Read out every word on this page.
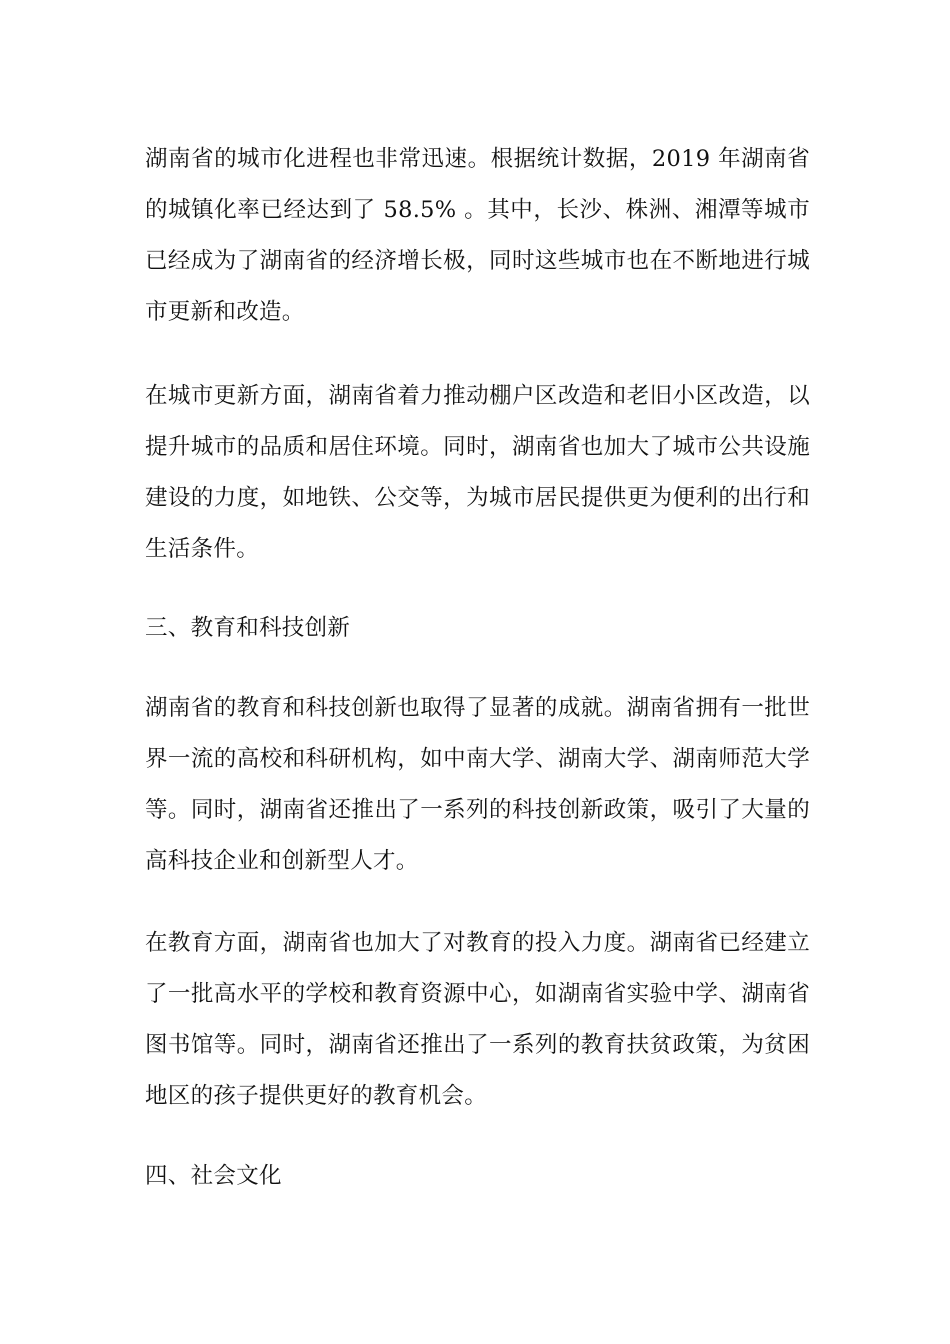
湖南省的城市化进程也非常迅速。根据统计数据，2019 年湖南省的城镇化率已经达到了 58.5% 。其中，长沙、株洲、湘潭等城市已经成为了湖南省的经济增长极，同时这些城市也在不断地进行城市更新和改造。

在城市更新方面，湖南省着力推动棚户区改造和老旧小区改造，以提升城市的品质和居住环境。同时，湖南省也加大了城市公共设施建设的力度，如地铁、公交等，为城市居民提供更为便利的出行和生活条件。

三、教育和科技创新

湖南省的教育和科技创新也取得了显著的成就。湖南省拥有一批世界一流的高校和科研机构，如中南大学、湖南大学、湖南师范大学等。同时，湖南省还推出了一系列的科技创新政策，吸引了大量的高科技企业和创新型人才。

在教育方面，湖南省也加大了对教育的投入力度。湖南省已经建立了一批高水平的学校和教育资源中心，如湖南省实验中学、湖南省图书馆等。同时，湖南省还推出了一系列的教育扶贫政策，为贫困地区的孩子提供更好的教育机会。

四、社会文化
